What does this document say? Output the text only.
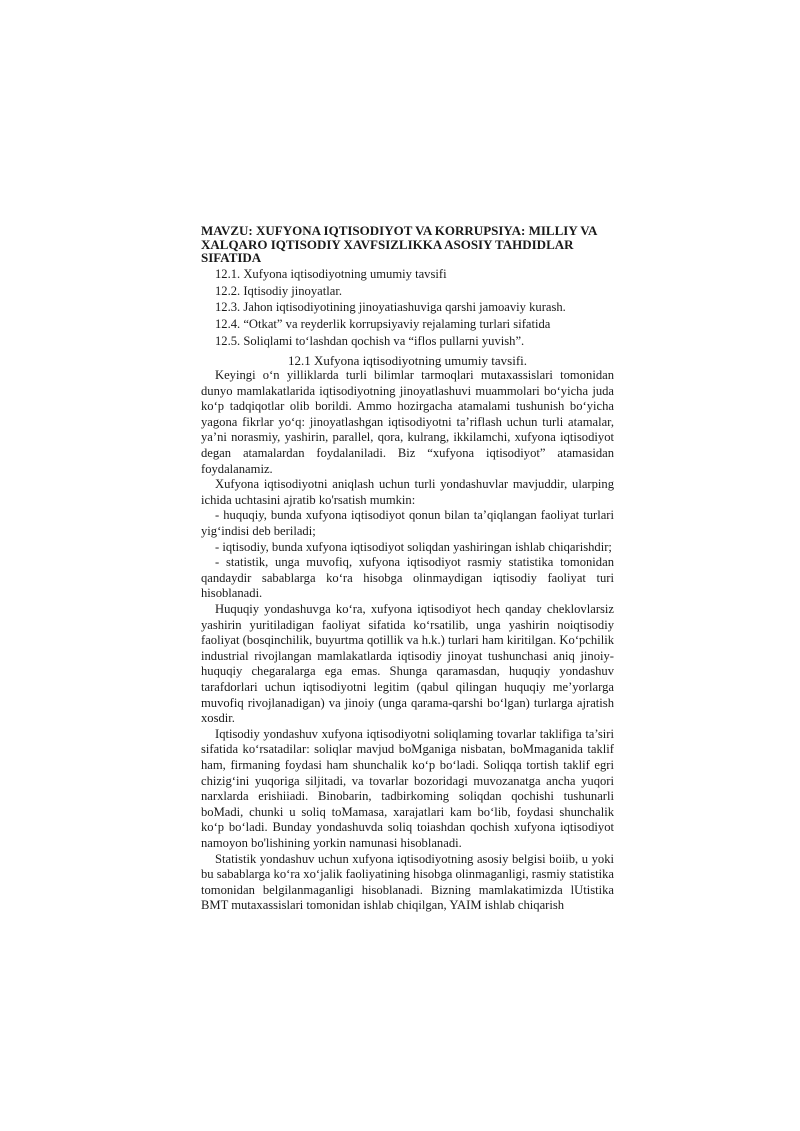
MAVZU: XUFYONA IQTISODIYOT VA KORRUPSIYA: MILLIY VA XALQARO IQTISODIY XAVFSIZLIKKA ASOSIY TAHDIDLAR SIFATIDA
12.1. Xufyona iqtisodiyotning umumiy tavsifi
12.2. Iqtisodiy jinoyatlar.
12.3. Jahon iqtisodiyotining jinoyatiashuviga qarshi jamoaviy kurash.
12.4. “Otkat” va reyderlik korrupsiyaviy rejalaming turlari sifatida
12.5. Soliqlami to‘lashdan qochish va “iflos pullarni yuvish”.
12.1 Xufyona iqtisodiyotning umumiy tavsifi.

Keyingi o‘n yilliklarda turli bilimlar tarmoqlari mutaxassislari tomonidan dunyo mamlakatlarida iqtisodiyotning jinoyatlashuvi muammolari bo‘yicha juda ko‘p tadqiqotlar olib borildi. Ammo hozirgacha atamalami tushunish bo‘yicha yagona fikrlar yo‘q: jinoyatlashgan iqtisodiyotni ta’riflash uchun turli atamalar, ya’ni norasmiy, yashirin, parallel, qora, kulrang, ikkilamchi, xufyona iqtisodiyot degan atamalardan foydalaniladi. Biz “xufyona iqtisodiyot” atamasidan foydalanamiz.

Xufyona iqtisodiyotni aniqlash uchun turli yondashuvlar mavjuddir, ularping ichida uchtasini ajratib ko'rsatish mumkin:

- huquqiy, bunda xufyona iqtisodiyot qonun bilan ta’qiqlangan faoliyat turlari yig‘indisi deb beriladi;

- iqtisodiy, bunda xufyona iqtisodiyot soliqdan yashiringan ishlab chiqarishdir;

- statistik, unga muvofiq, xufyona iqtisodiyot rasmiy statistika tomonidan qandaydir sabablarga ko‘ra hisobga olinmaydigan iqtisodiy faoliyat turi hisoblanadi.

Huquqiy yondashuvga ko‘ra, xufyona iqtisodiyot hech qanday cheklovlarsiz yashirin yuritiladigan faoliyat sifatida ko‘rsatilib, unga yashirin noiqtisodiy faoliyat (bosqinchilik, buyurtma qotillik va h.k.) turlari ham kiritilgan. Ko‘pchilik industrial rivojlangan mamlakatlarda iqtisodiy jinoyat tushunchasi aniq jinoiy-huquqiy chegaralarga ega emas. Shunga qaramasdan, huquqiy yondashuv tarafdorlari uchun iqtisodiyotni legitim (qabul qilingan huquqiy me’yorlarga muvofiq rivojlanadigan) va jinoiy (unga qarama-qarshi bo‘lgan) turlarga ajratish xosdir.

Iqtisodiy yondashuv xufyona iqtisodiyotni soliqlaming tovarlar taklifiga ta’siri sifatida ko‘rsatadilar: soliqlar mavjud boMganiga nisbatan, boMmaganida taklif ham, firmaning foydasi ham shunchalik ko‘p bo‘ladi. Soliqqa tortish taklif egri chizig‘ini yuqoriga siljitadi, va tovarlar bozoridagi muvozanatga ancha yuqori narxlarda erishiiadi. Binobarin, tadbirkoming soliqdan qochishi tushunarli boMadi, chunki u soliq toMamasa, xarajatlari kam bo‘lib, foydasi shunchalik ko‘p bo‘ladi. Bunday yondashuvda soliq toiashdan qochish xufyona iqtisodiyot namoyon bo'lishining yorkin namunasi hisoblanadi.

Statistik yondashuv uchun xufyona iqtisodiyotning asosiy belgisi boiib, u yoki bu sabablarga ko‘ra xo‘jalik faoliyatining hisobga olinmaganligi, rasmiy statistika tomonidan belgilanmaganligi hisoblanadi. Bizning mamlakatimizda lUtistika BMT mutaxassislari tomonidan ishlab chiqilgan, YAIM ishlab chiqarish
